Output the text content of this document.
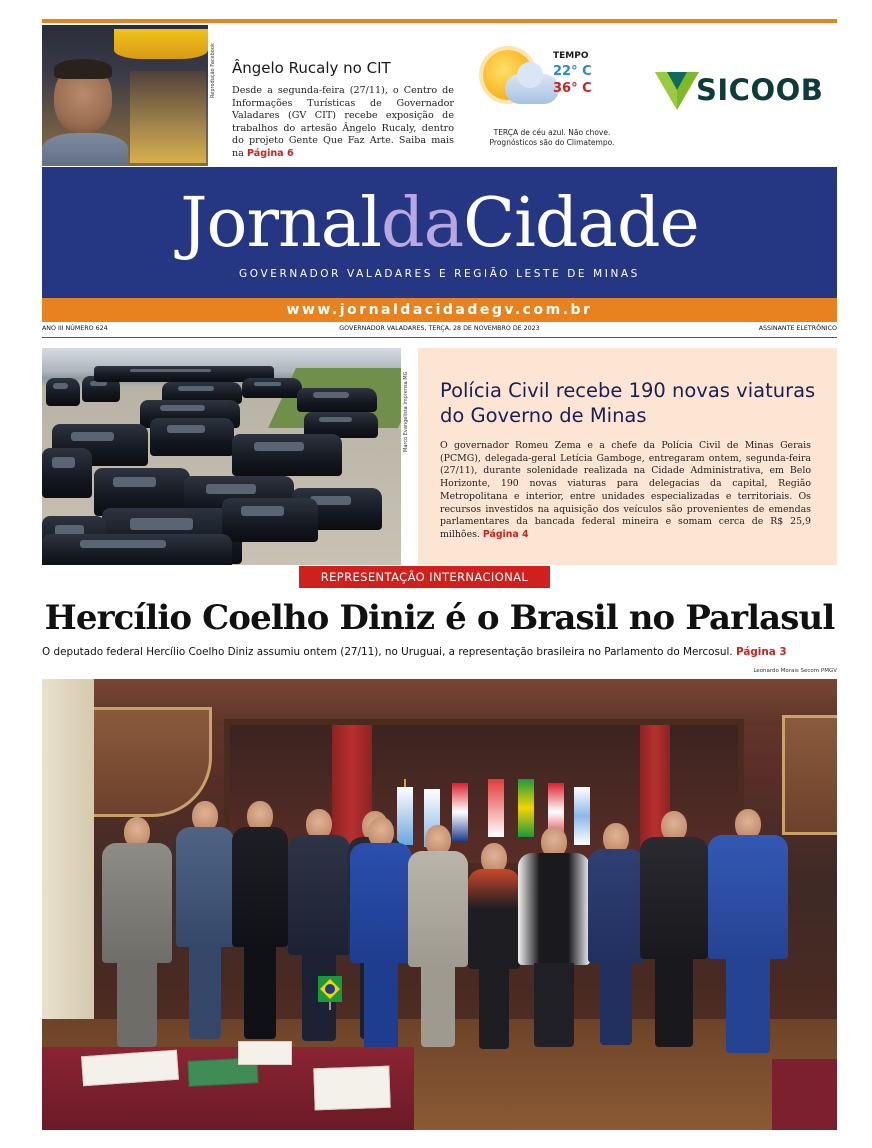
Reprodução Facebook Ângelo Rucaly no CIT
Desde a segunda-feira (27/11), o Centro de Informações Turísticas de Governador Valadares (GV CIT) recebe exposição de trabalhos do artesão Ângelo Rucaly, dentro do projeto Gente Que Faz Arte. Saiba mais na Página 6
TEMPO
22° C
36° C
TERÇA de céu azul. Não chove. Prognósticos são do Climatempo.
SICOOB
JornaldaCidade
GOVERNADOR VALADARES E REGIÃO LESTE DE MINAS
www.jornaldacidadegv.com.br
ANO III NÚMERO 624	GOVERNADOR VALADARES, TERÇA, 28 DE NOVEMBRO DE 2023	ASSINANTE ELETRÔNICO
Marco Evangelista Imprensa MG Polícia Civil recebe 190 novas viaturas do Governo de Minas
O governador Romeu Zema e a chefe da Polícia Civil de Minas Gerais (PCMG), delegada-geral Letícia Gamboge, entregaram ontem, segunda-feira (27/11), durante solenidade realizada na Cidade Administrativa, em Belo Horizonte, 190 novas viaturas para delegacias da capital, Região Metropolitana e interior, entre unidades especializadas e territoriais. Os recursos investidos na aquisição dos veículos são provenientes de emendas parlamentares da bancada federal mineira e somam cerca de R$ 25,9 milhões. Página 4
REPRESENTAÇÃO INTERNACIONAL
Hercílio Coelho Diniz é o Brasil no Parlasul
O deputado federal Hercílio Coelho Diniz assumiu ontem (27/11), no Uruguai, a representação brasileira no Parlamento do Mercosul. Página 3
Leonardo Morais Secom PMGV
